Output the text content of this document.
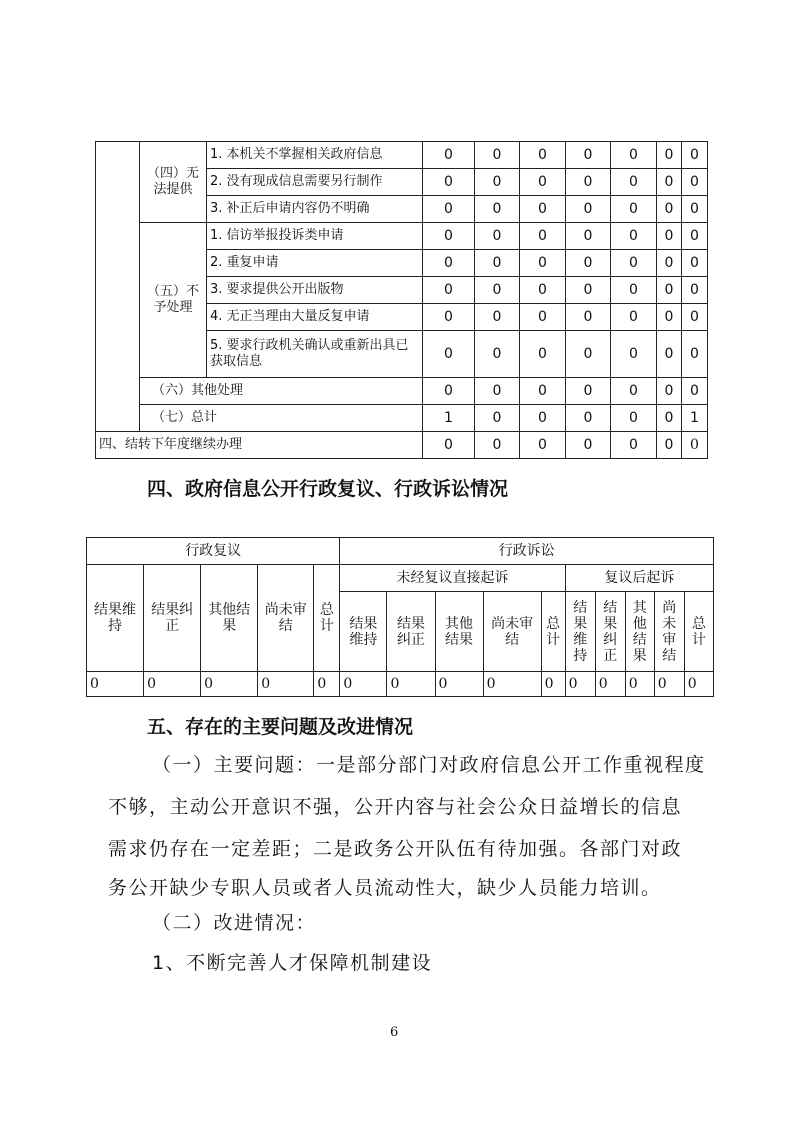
	（四）无法提供	1. 本机关不掌握相关政府信息	0	0	0	0	0	0	0
		2. 没有现成信息需要另行制作	0	0	0	0	0	0	0
		3. 补正后申请内容仍不明确	0	0	0	0	0	0	0
	（五）不予处理	1. 信访举报投诉类申请	0	0	0	0	0	0	0
		2. 重复申请	0	0	0	0	0	0	0
		3. 要求提供公开出版物	0	0	0	0	0	0	0
		4. 无正当理由大量反复申请	0	0	0	0	0	0	0
		5. 要求行政机关确认或重新出具已获取信息	0	0	0	0	0	0	0
	（六）其他处理		0	0	0	0	0	0	0
	（七）总计		1	0	0	0	0	0	1
四、结转下年度继续办理			0	0	0	0	0	0	0
四、政府信息公开行政复议、行政诉讼情况
行政复议					行政诉讼									
结果维持	结果纠正	其他结果	尚未审结	总计	未经复议直接起诉					复议后起诉				
					结果维持	结果纠正	其他结果	尚未审结	总计	结果维持	结果纠正	其他结果	尚未审结	总计
0	0	0	0	0	0	0	0	0	0	0	0	0	0	0
五、存在的主要问题及改进情况
（一）主要问题：一是部分部门对政府信息公开工作重视程度
不够，主动公开意识不强，公开内容与社会公众日益增长的信息
需求仍存在一定差距；二是政务公开队伍有待加强。各部门对政
务公开缺少专职人员或者人员流动性大，缺少人员能力培训。
（二）改进情况：
1、不断完善人才保障机制建设
6
